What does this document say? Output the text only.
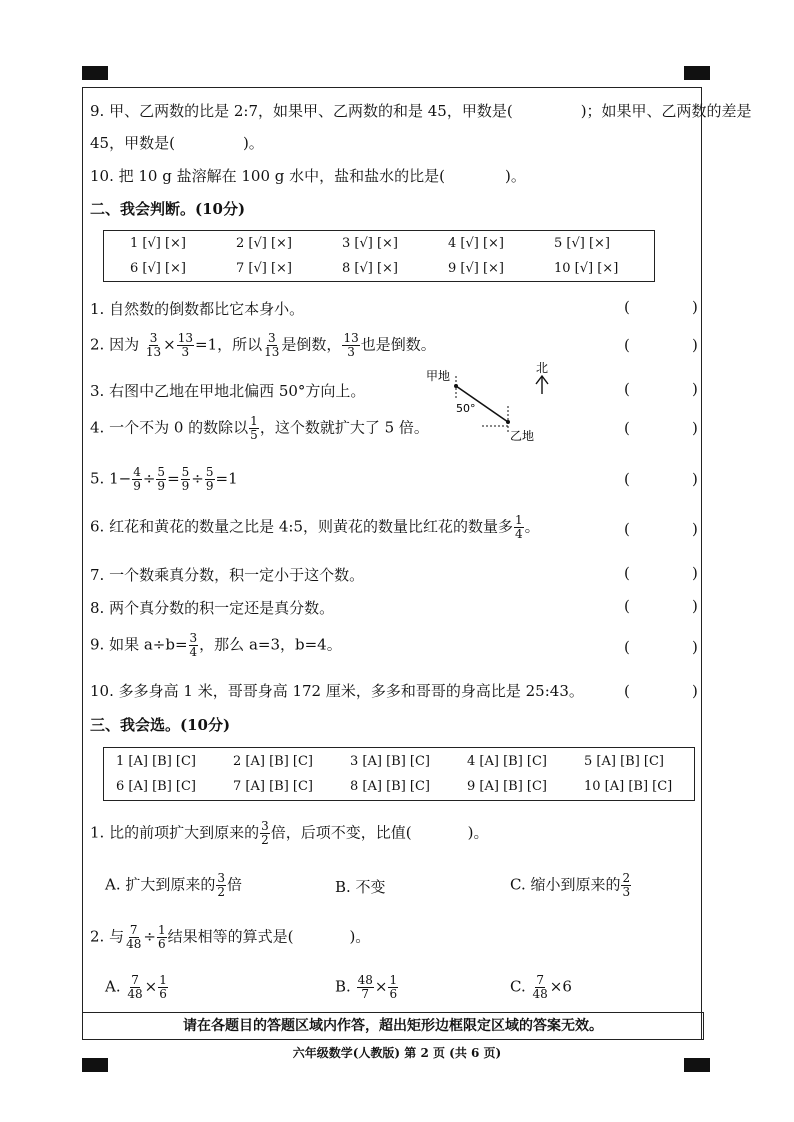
9. 甲、乙两数的比是 2:7，如果甲、乙两数的和是 45，甲数是(	)；如果甲、乙两数的差是
45，甲数是(	)。
10. 把 10 g 盐溶解在 100 g 水中，盐和盐水的比是(	)。
二、我会判断。(10分)
1 [√] [×]	2 [√] [×]	3 [√] [×]	4 [√] [×]	5 [√] [×]
6 [√] [×]	7 [√] [×]	8 [√] [×]	9 [√] [×]	10 [√] [×]
1. 自然数的倒数都比它本身小。
2. 因为 $\frac{3}{13} \times \frac{13}{3} =1$，所以 $\frac{3}{13}$ 是倒数， $\frac{13}{3}$ 也是倒数。
3. 右图中乙地在甲地北偏西 50°方向上。
4. 一个不为 0 的数除以 $\frac{1}{5}$ ，这个数就扩大了 5 倍。
5. $1- \frac{4}{9} \div \frac{5}{9} = \frac{5}{9} \div \frac{5}{9} =1$
6. 红花和黄花的数量之比是 4:5，则黄花的数量比红花的数量多 $\frac{1}{4}$ 。
7. 一个数乘真分数，积一定小于这个数。
8. 两个真分数的积一定还是真分数。
9. 如果 $a\div b= \frac{3}{4}$ ，那么 a=3，b=4。
10. 多多身高 1 米，哥哥身高 172 厘米，多多和哥哥的身高比是 25:43。
(	)
(	)
(	)
(	)
(	)
(	)
(	)
(	)
(	)
(	)
甲地
乙地
50°
北
三、我会选。(10分)
1 [A] [B] [C]	2 [A] [B] [C]	3 [A] [B] [C]	4 [A] [B] [C]	5 [A] [B] [C]
6 [A] [B] [C]	7 [A] [B] [C]	8 [A] [B] [C]	9 [A] [B] [C]	10 [A] [B] [C]
1. 比的前项扩大到原来的 $\frac{3}{2}$ 倍，后项不变，比值(	)。
A. 扩大到原来的 $\frac{3}{2}$ 倍	B. 不变	C. 缩小到原来的 $\frac{2}{3}$
2. 与 $\frac{7}{48} \div \frac{1}{6}$ 结果相等的算式是(	)。
A. $\frac{7}{48} \times \frac{1}{6}$	B. $\frac{48}{7} \times \frac{1}{6}$	C. $\frac{7}{48} \times 6$
请在各题目的答题区域内作答，超出矩形边框限定区域的答案无效。
六年级数学(人教版) 第 2 页 (共 6 页)
